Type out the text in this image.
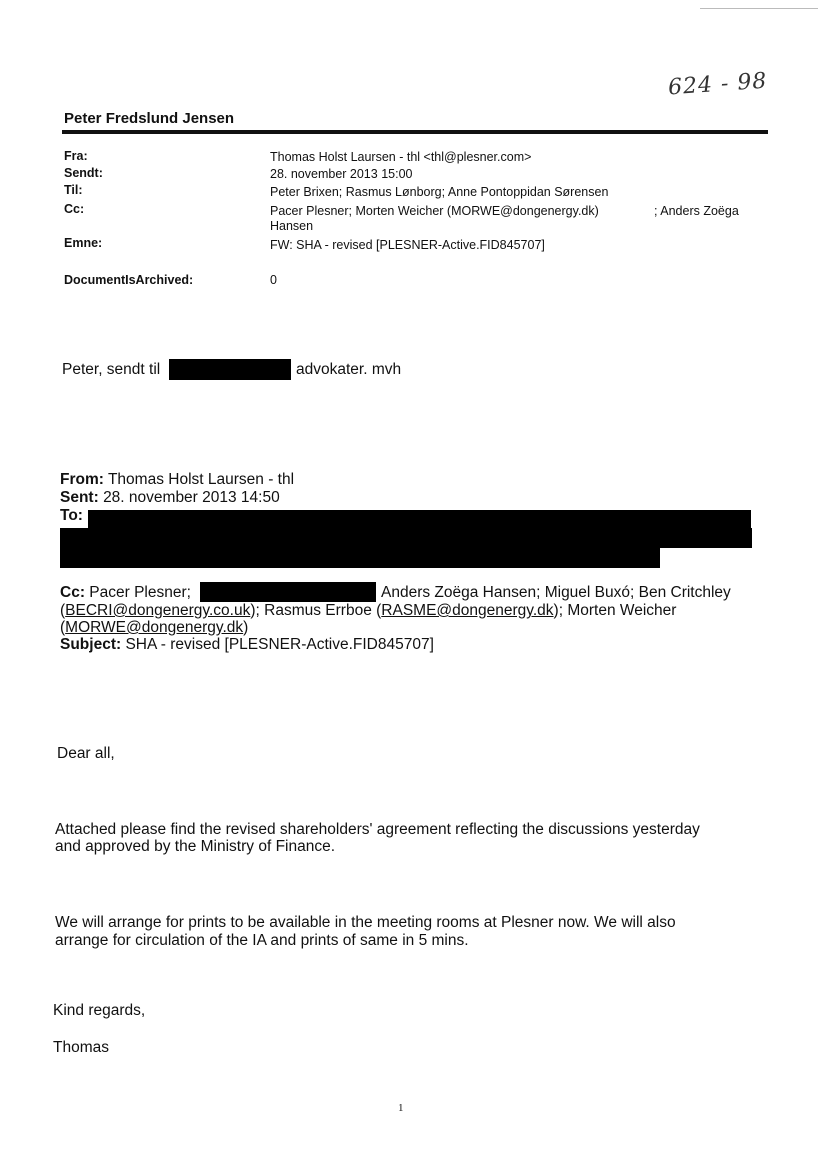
624 - 98
Peter Fredslund Jensen
Fra:	Thomas Holst Laursen - thl <thl@plesner.com>
Sendt:	28. november 2013 15:00
Til:	Peter Brixen; Rasmus Lønborg; Anne Pontoppidan Sørensen
Cc:	Pacer Plesner; Morten Weicher (MORWE@dongenergy.dk)	; Anders Zoëga
Hansen
Emne:	FW: SHA - revised [PLESNER-Active.FID845707]
DocumentIsArchived:	0
Peter, sendt til	advokater. mvh
From: Thomas Holst Laursen - thl
Sent: 28. november 2013 14:50
To:
Cc: Pacer Plesner;	Anders Zoëga Hansen; Miguel Buxó; Ben Critchley
(BECRI@dongenergy.co.uk); Rasmus Errboe (RASME@dongenergy.dk); Morten Weicher
(MORWE@dongenergy.dk)
Subject: SHA - revised [PLESNER-Active.FID845707]
Dear all,
Attached please find the revised shareholders' agreement reflecting the discussions yesterday
and approved by the Ministry of Finance.
We will arrange for prints to be available in the meeting rooms at Plesner now. We will also
arrange for circulation of the IA and prints of same in 5 mins.
Kind regards,
Thomas
1
